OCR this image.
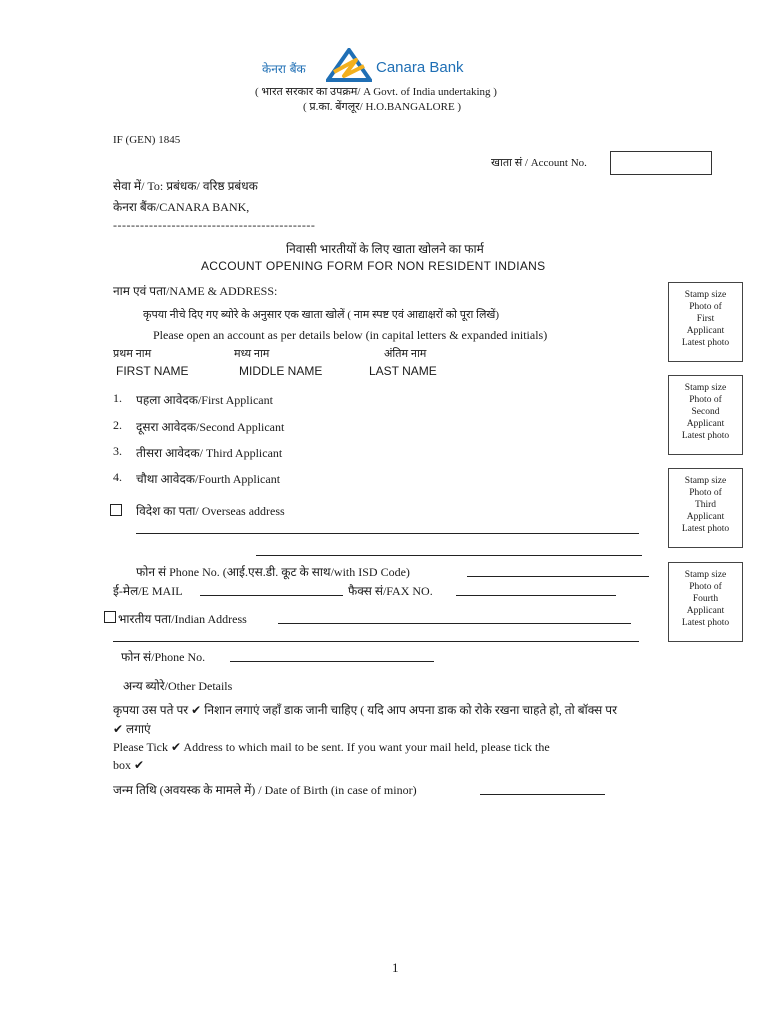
केनरा बैंक	Canara Bank
( भारत सरकार का उपक्रम/ A Govt. of India undertaking )
( प्र.का. बेंगलूर/ H.O.BANGALORE )
IF (GEN) 1845
खाता सं / Account No.
सेवा में/ To: प्रबंधक/ वरिष्ठ प्रबंधक
केनरा बैंक/CANARA BANK,
---------------------------------------------
निवासी भारतीयों के लिए खाता खोलने का फार्म
ACCOUNT OPENING FORM FOR NON RESIDENT INDIANS
नाम एवं पता/NAME & ADDRESS:
कृपया नीचे दिए गए ब्योरे के अनुसार एक खाता खोलें ( नाम स्पष्ट एवं आद्याक्षरों को पूरा लिखें)
Please open an account as per details below (in capital letters & expanded initials)
प्रथम नाम	मध्य नाम	अंतिम नाम
FIRST NAME	MIDDLE NAME	LAST NAME
1. पहला आवेदक/First Applicant
2. दूसरा आवेदक/Second Applicant
3. तीसरा आवेदक/ Third Applicant
4. चौथा आवेदक/Fourth Applicant
विदेश का पता/ Overseas address
फोन सं Phone No. (आई.एस.डी. कूट के साथ/with ISD Code)
ई-मेल/E MAIL	फैक्स सं/FAX NO.
भारतीय पता/Indian Address
फोन सं/Phone No.
अन्य ब्योरे/Other Details
कृपया उस पते पर ✔ निशान लगाएं जहाँ डाक जानी चाहिए ( यदि आप अपना डाक को रोके रखना चाहते हो, तो बॉक्स पर
✔ लगाएं
Please Tick ✔ Address to which mail to be sent. If you want your mail held, please tick the
box ✔
जन्म तिथि (अवयस्क के मामले में) / Date of Birth (in case of minor)
Stamp size
Photo of
First
Applicant
Latest photo
Stamp size
Photo of
Second
Applicant
Latest photo
Stamp size
Photo of
Third
Applicant
Latest photo
Stamp size
Photo of
Fourth
Applicant
Latest photo
1
